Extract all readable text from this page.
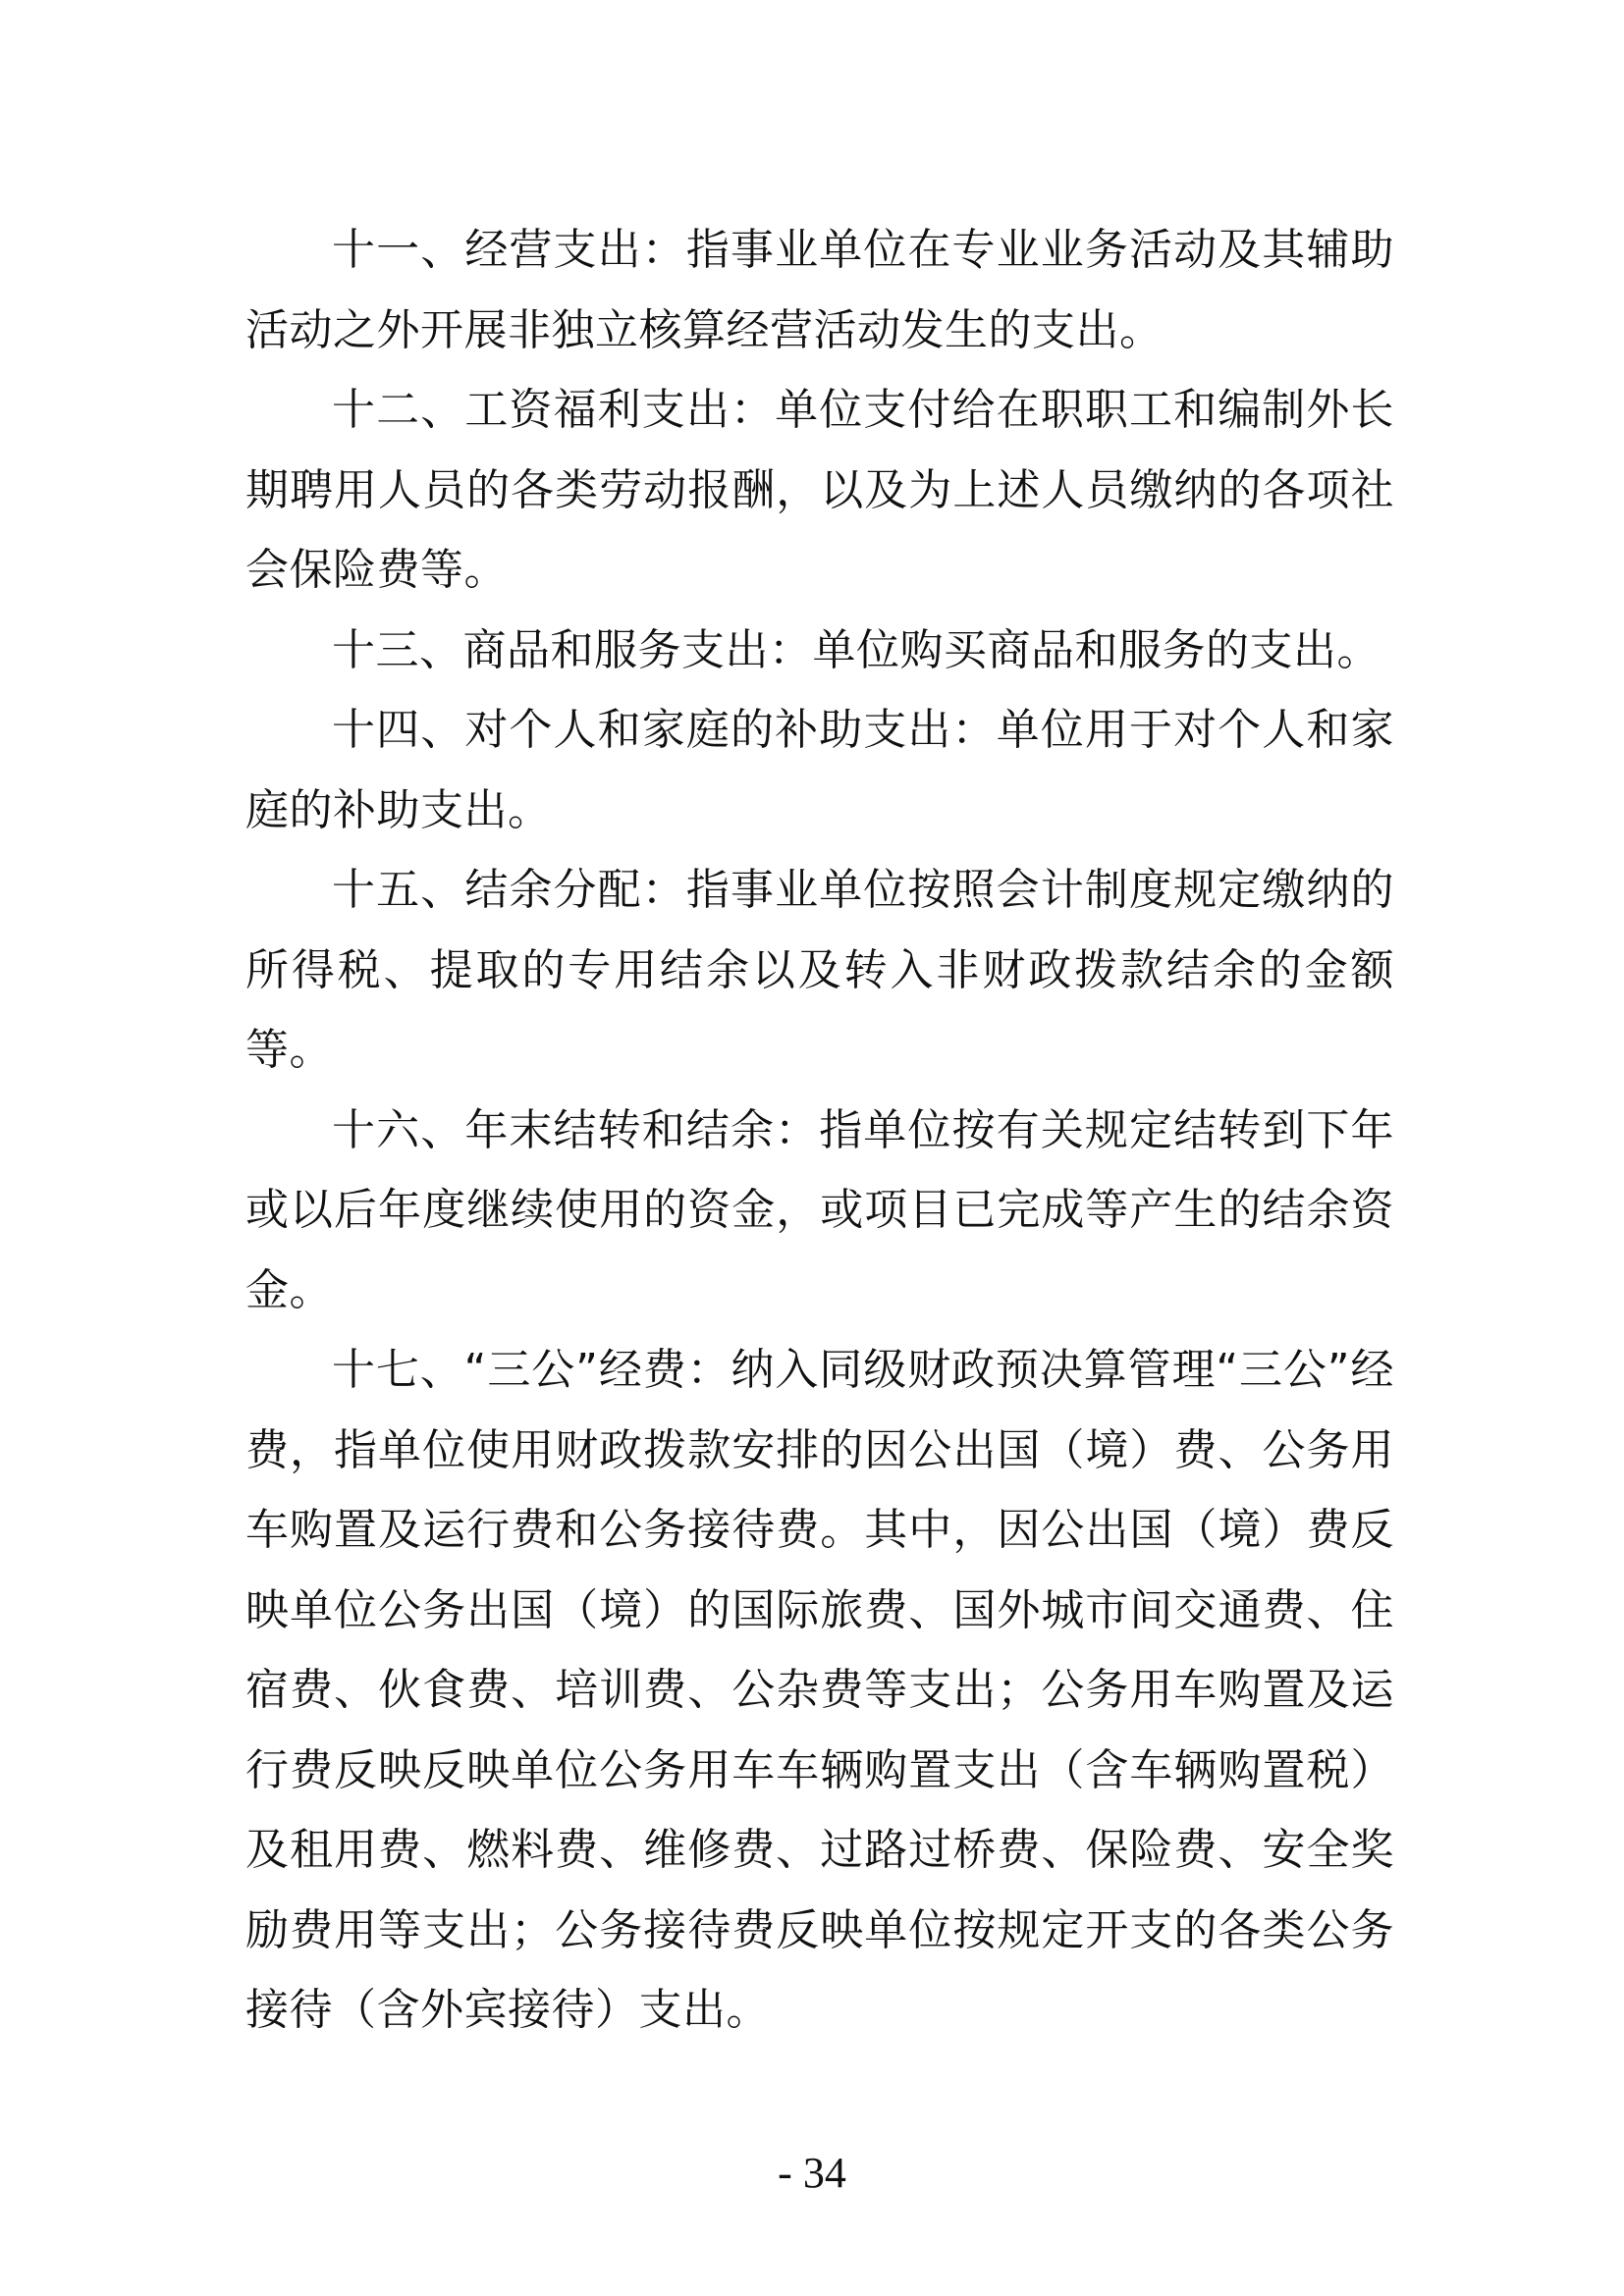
十一、经营支出：指事业单位在专业业务活动及其辅助活动之外开展非独立核算经营活动发生的支出。

十二、工资福利支出：单位支付给在职职工和编制外长期聘用人员的各类劳动报酬，以及为上述人员缴纳的各项社会保险费等。

十三、商品和服务支出：单位购买商品和服务的支出。

十四、对个人和家庭的补助支出：单位用于对个人和家庭的补助支出。

十五、结余分配：指事业单位按照会计制度规定缴纳的所得税、提取的专用结余以及转入非财政拨款结余的金额等。

十六、年末结转和结余：指单位按有关规定结转到下年或以后年度继续使用的资金，或项目已完成等产生的结余资金。

十七、“三公”经费：纳入同级财政预决算管理“三公”经费，指单位使用财政拨款安排的因公出国（境）费、公务用车购置及运行费和公务接待费。其中，因公出国（境）费反映单位公务出国（境）的国际旅费、国外城市间交通费、住宿费、伙食费、培训费、公杂费等支出；公务用车购置及运行费反映反映单位公务用车车辆购置支出（含车辆购置税）及租用费、燃料费、维修费、过路过桥费、保险费、安全奖励费用等支出；公务接待费反映单位按规定开支的各类公务接待（含外宾接待）支出。

- 34
